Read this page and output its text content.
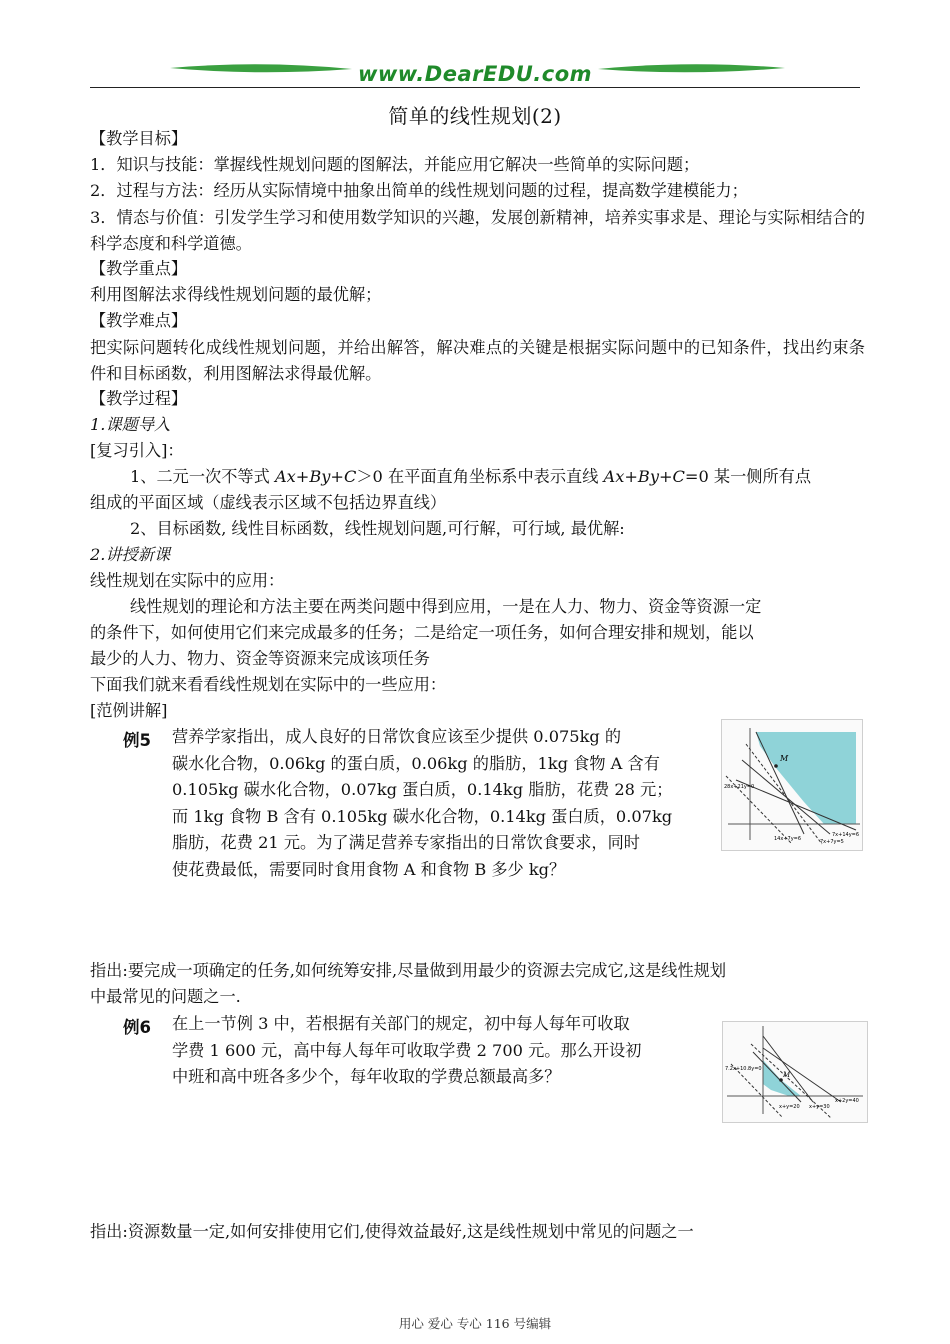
www.DearEDU.com
简单的线性规划(2)
【教学目标】
1．知识与技能：掌握线性规划问题的图解法，并能应用它解决一些简单的实际问题；
2．过程与方法：经历从实际情境中抽象出简单的线性规划问题的过程，提高数学建模能力；
3．情态与价值：引发学生学习和使用数学知识的兴趣，发展创新精神，培养实事求是、理论与实际相结合的科学态度和科学道德。
【教学重点】
利用图解法求得线性规划问题的最优解；
【教学难点】
把实际问题转化成线性规划问题，并给出解答，解决难点的关键是根据实际问题中的已知条件，找出约束条件和目标函数，利用图解法求得最优解。
【教学过程】
1.课题导入
[复习引入]：
1、二元一次不等式 Ax+By+C＞0 在平面直角坐标系中表示直线 Ax+By+C=0 某一侧所有点
组成的平面区域（虚线表示区域不包括边界直线）
2、目标函数, 线性目标函数，线性规划问题,可行解，可行域, 最优解:
2.讲授新课
线性规划在实际中的应用：
线性规划的理论和方法主要在两类问题中得到应用，一是在人力、物力、资金等资源一定
的条件下，如何使用它们来完成最多的任务；二是给定一项任务，如何合理安排和规划，能以
最少的人力、物力、资金等资源来完成该项任务
下面我们就来看看线性规划在实际中的一些应用：
[范例讲解]
例5 营养学家指出，成人良好的日常饮食应该至少提供 0.075kg 的
碳水化合物，0.06kg 的蛋白质，0.06kg 的脂肪，1kg 食物 A 含有
0.105kg 碳水化合物，0.07kg 蛋白质，0.14kg 脂肪，花费 28 元；
而 1kg 食物 B 含有 0.105kg 碳水化合物，0.14kg 蛋白质，0.07kg
脂肪，花费 21 元。为了满足营养专家指出的日常饮食要求，同时
使花费最低，需要同时食用食物 A 和食物 B 多少 kg？
M
28x+21y=0
14x+7y=6	7x+7y=5
7x+14y=6
指出:要完成一项确定的任务,如何统筹安排,尽量做到用最少的资源去完成它,这是线性规划
中最常见的问题之一.
例6 在上一节例 3 中，若根据有关部门的规定，初中每人每年可收取
学费 1 600 元，高中每人每年可收取学费 2 700 元。那么开设初
中班和高中班各多少个，每年收取的学费总额最高多？	M
7.2x+10.8y=0
x+y=20 x+y=30
x+2y=40
指出:资源数量一定,如何安排使用它们,使得效益最好,这是线性规划中常见的问题之一
用心 爱心 专心 116 号编辑
